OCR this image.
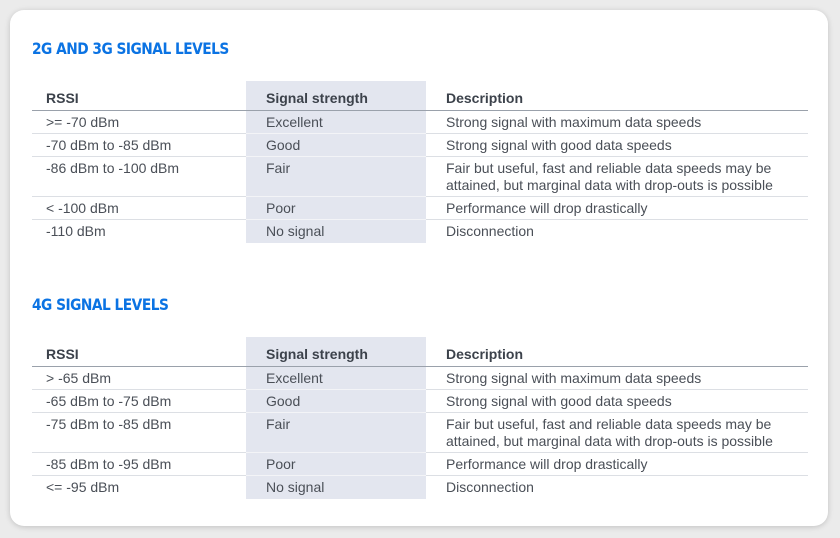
2G AND 3G SIGNAL LEVELS
RSSI	Signal strength	Description
>= -70 dBm	Excellent	Strong signal with maximum data speeds
-70 dBm to -85 dBm	Good	Strong signal with good data speeds
-86 dBm to -100 dBm	Fair	Fair but useful, fast and reliable data speeds may be attained, but marginal data with drop-outs is possible
< -100 dBm	Poor	Performance will drop drastically
-110 dBm	No signal	Disconnection
4G SIGNAL LEVELS
RSSI	Signal strength	Description
> -65 dBm	Excellent	Strong signal with maximum data speeds
-65 dBm to -75 dBm	Good	Strong signal with good data speeds
-75 dBm to -85 dBm	Fair	Fair but useful, fast and reliable data speeds may be attained, but marginal data with drop-outs is possible
-85 dBm to -95 dBm	Poor	Performance will drop drastically
<= -95 dBm	No signal	Disconnection
